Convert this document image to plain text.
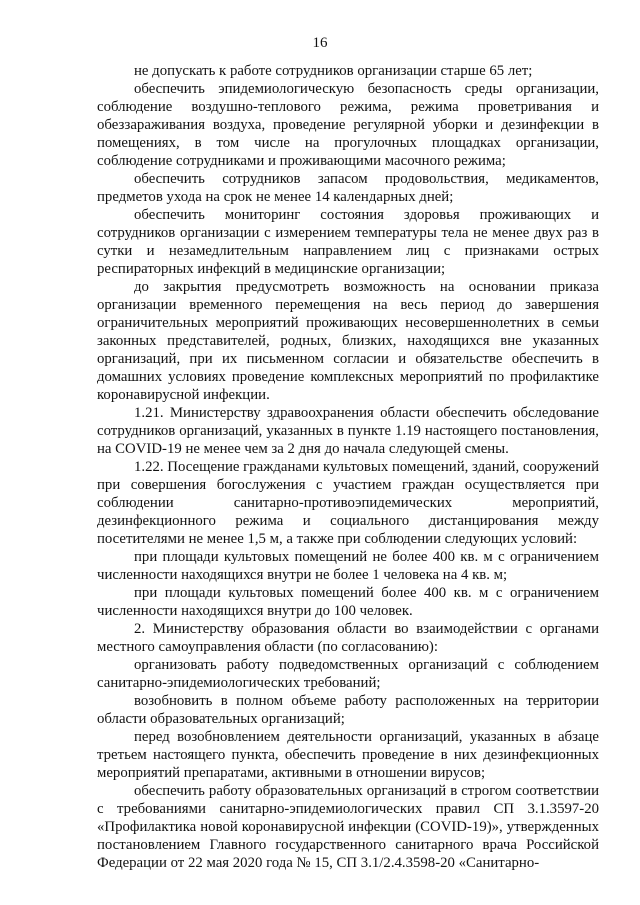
16

не допускать к работе сотрудников организации старше 65 лет;

обеспечить эпидемиологическую безопасность среды организации, соблюдение воздушно-теплового режима, режима проветривания и обеззараживания воздуха, проведение регулярной уборки и дезинфекции в помещениях, в том числе на прогулочных площадках организации, соблюдение сотрудниками и проживающими масочного режима;

обеспечить сотрудников запасом продовольствия, медикаментов, предметов ухода на срок не менее 14 календарных дней;

обеспечить мониторинг состояния здоровья проживающих и сотрудников организации с измерением температуры тела не менее двух раз в сутки и незамедлительным направлением лиц с признаками острых респираторных инфекций в медицинские организации;

до закрытия предусмотреть возможность на основании приказа организации временного перемещения на весь период до завершения ограничительных мероприятий проживающих несовершеннолетних в семьи законных представителей, родных, близких, находящихся вне указанных организаций, при их письменном согласии и обязательстве обеспечить в домашних условиях проведение комплексных мероприятий по профилактике коронавирусной инфекции.

1.21. Министерству здравоохранения области обеспечить обследование сотрудников организаций, указанных в пункте 1.19 настоящего постановления, на COVID-19 не менее чем за 2 дня до начала следующей смены.

1.22. Посещение гражданами культовых помещений, зданий, сооружений при совершения богослужения с участием граждан осуществляется при соблюдении санитарно-противоэпидемических мероприятий, дезинфекционного режима и социального дистанцирования между посетителями не менее 1,5 м, а также при соблюдении следующих условий:

при площади культовых помещений не более 400 кв. м с ограничением численности находящихся внутри не более 1 человека на 4 кв. м;

при площади культовых помещений более 400 кв. м с ограничением численности находящихся внутри до 100 человек.

2. Министерству образования области во взаимодействии с органами местного самоуправления области (по согласованию):

организовать работу подведомственных организаций с соблюдением санитарно-эпидемиологических требований;

возобновить в полном объеме работу расположенных на территории области образовательных организаций;

перед возобновлением деятельности организаций, указанных в абзаце третьем настоящего пункта, обеспечить проведение в них дезинфекционных мероприятий препаратами, активными в отношении вирусов;

обеспечить работу образовательных организаций в строгом соответствии с требованиями санитарно-эпидемиологических правил СП 3.1.3597-20 «Профилактика новой коронавирусной инфекции (COVID-19)», утвержденных постановлением Главного государственного санитарного врача Российской Федерации от 22 мая 2020 года № 15, СП 3.1/2.4.3598-20 «Санитарно-
